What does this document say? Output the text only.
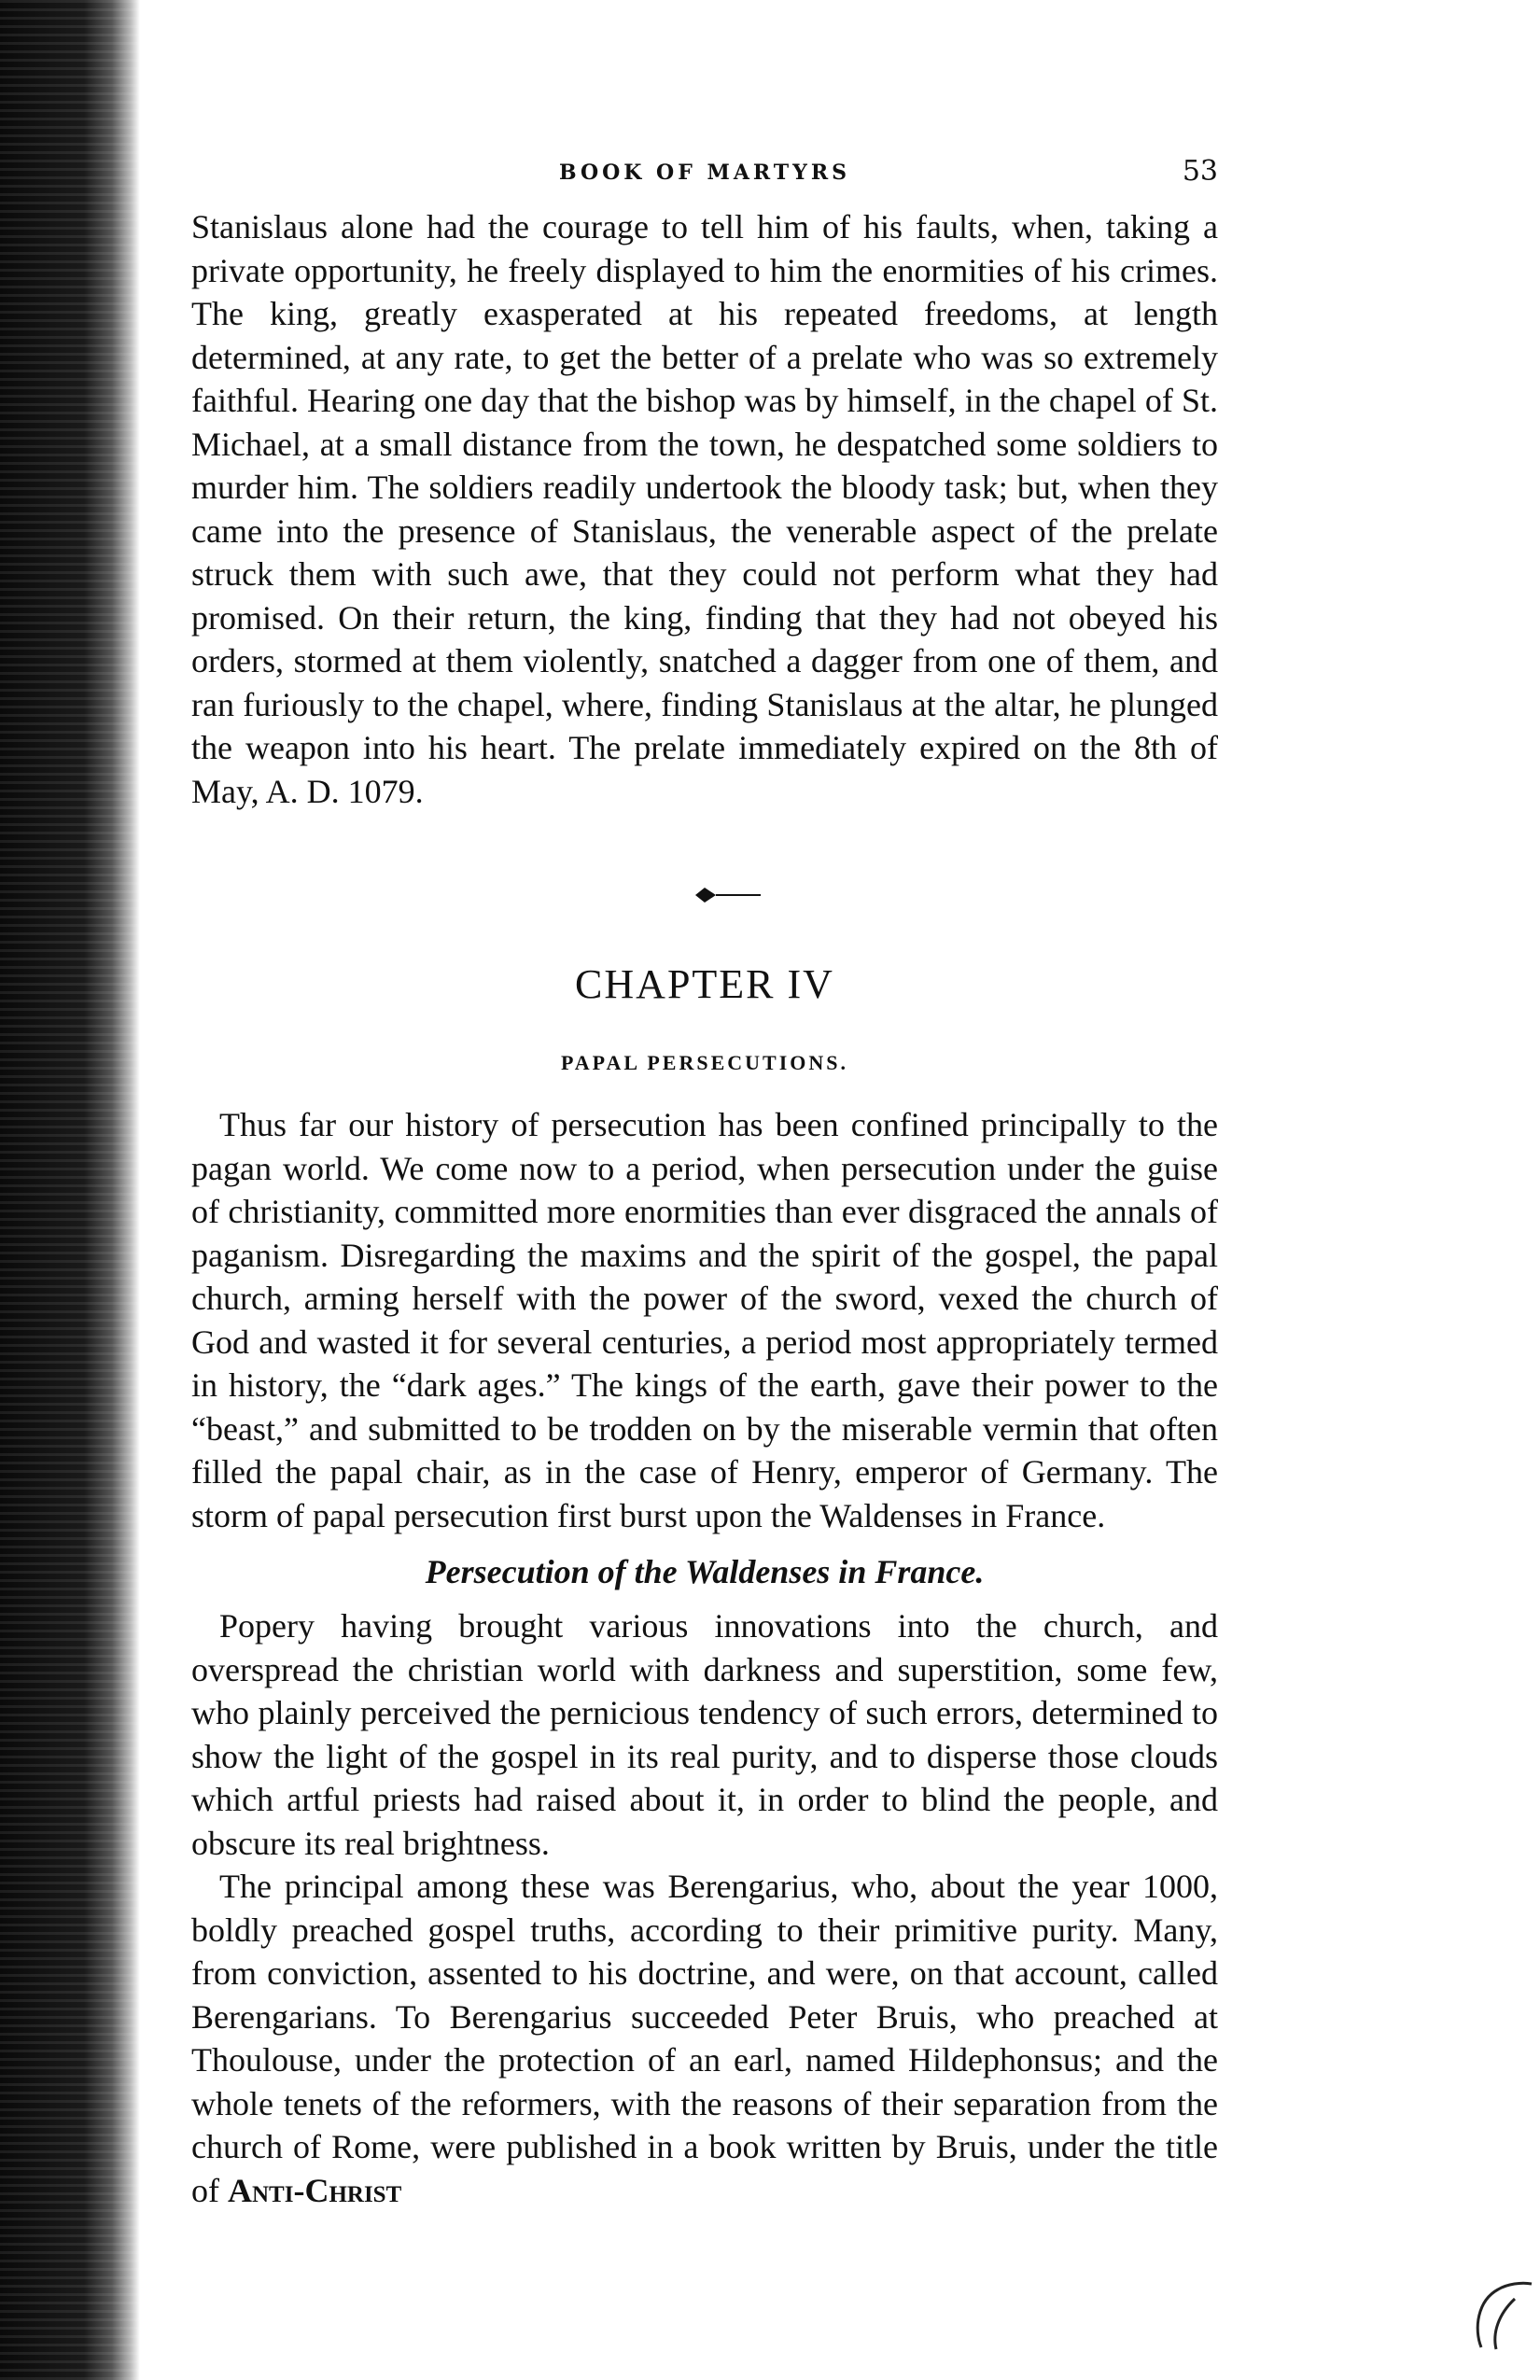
BOOK OF MARTYRS	53

Stanislaus alone had the courage to tell him of his faults, when, taking a private opportunity, he freely displayed to him the enormities of his crimes. The king, greatly exasperated at his repeated freedoms, at length determined, at any rate, to get the better of a prelate who was so extremely faithful. Hearing one day that the bishop was by himself, in the chapel of St. Michael, at a small distance from the town, he despatched some soldiers to murder him. The soldiers readily undertook the bloody task; but, when they came into the presence of Stanislaus, the venerable aspect of the prelate struck them with such awe, that they could not perform what they had promised. On their return, the king, finding that they had not obeyed his orders, stormed at them violently, snatched a dagger from one of them, and ran furiously to the chapel, where, finding Stanislaus at the altar, he plunged the weapon into his heart. The prelate immediately expired on the 8th of May, A. D. 1079.

CHAPTER IV
PAPAL PERSECUTIONS.

Thus far our history of persecution has been confined principally to the pagan world. We come now to a period, when persecution under the guise of christianity, committed more enormities than ever disgraced the annals of paganism. Disregarding the maxims and the spirit of the gospel, the papal church, arming herself with the power of the sword, vexed the church of God and wasted it for several centuries, a period most appropriately termed in history, the “dark ages.” The kings of the earth, gave their power to the “beast,” and submitted to be trodden on by the miserable vermin that often filled the papal chair, as in the case of Henry, emperor of Germany. The storm of papal persecution first burst upon the Waldenses in France.

Persecution of the Waldenses in France.

Popery having brought various innovations into the church, and overspread the christian world with darkness and superstition, some few, who plainly perceived the pernicious tendency of such errors, determined to show the light of the gospel in its real purity, and to disperse those clouds which artful priests had raised about it, in order to blind the people, and obscure its real brightness.

The principal among these was Berengarius, who, about the year 1000, boldly preached gospel truths, according to their primitive purity. Many, from conviction, assented to his doctrine, and were, on that account, called Berengarians. To Berengarius succeeded Peter Bruis, who preached at Thoulouse, under the protection of an earl, named Hildephonsus; and the whole tenets of the reformers, with the reasons of their separation from the church of Rome, were published in a book written by Bruis, under the title of Anti-Christ
